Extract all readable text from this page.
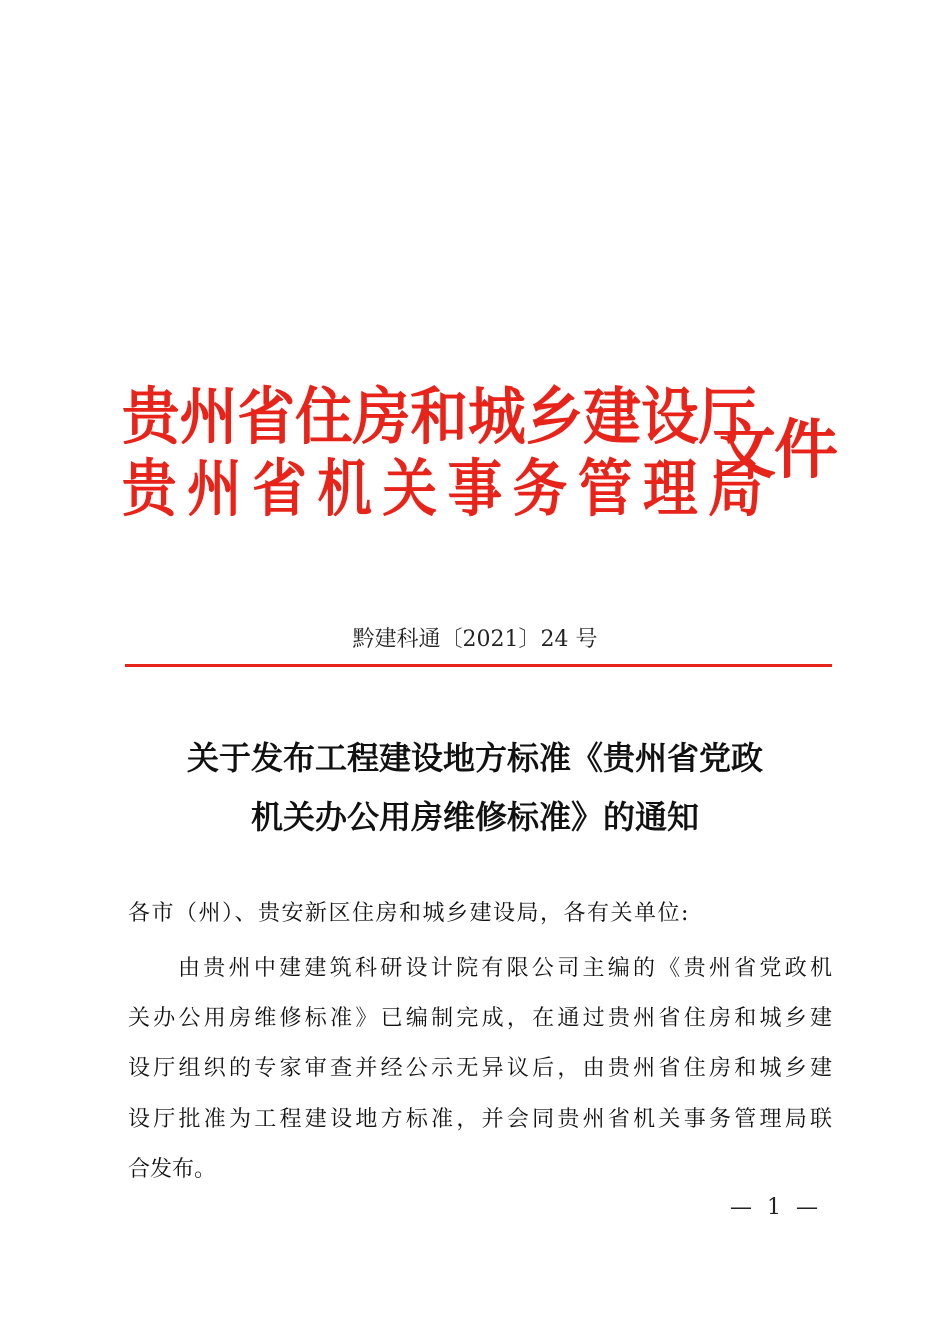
贵州省住房和城乡建设厅
贵州省机关事务管理局
文件
黔建科通〔2021〕24 号
关于发布工程建设地方标准《贵州省党政
机关办公用房维修标准》的通知
各市（州）、贵安新区住房和城乡建设局，各有关单位:
由贵州中建建筑科研设计院有限公司主编的《贵州省党政机
关办公用房维修标准》已编制完成，在通过贵州省住房和城乡建
设厅组织的专家审查并经公示无异议后，由贵州省住房和城乡建
设厅批准为工程建设地方标准，并会同贵州省机关事务管理局联
合发布。
— 1 —
